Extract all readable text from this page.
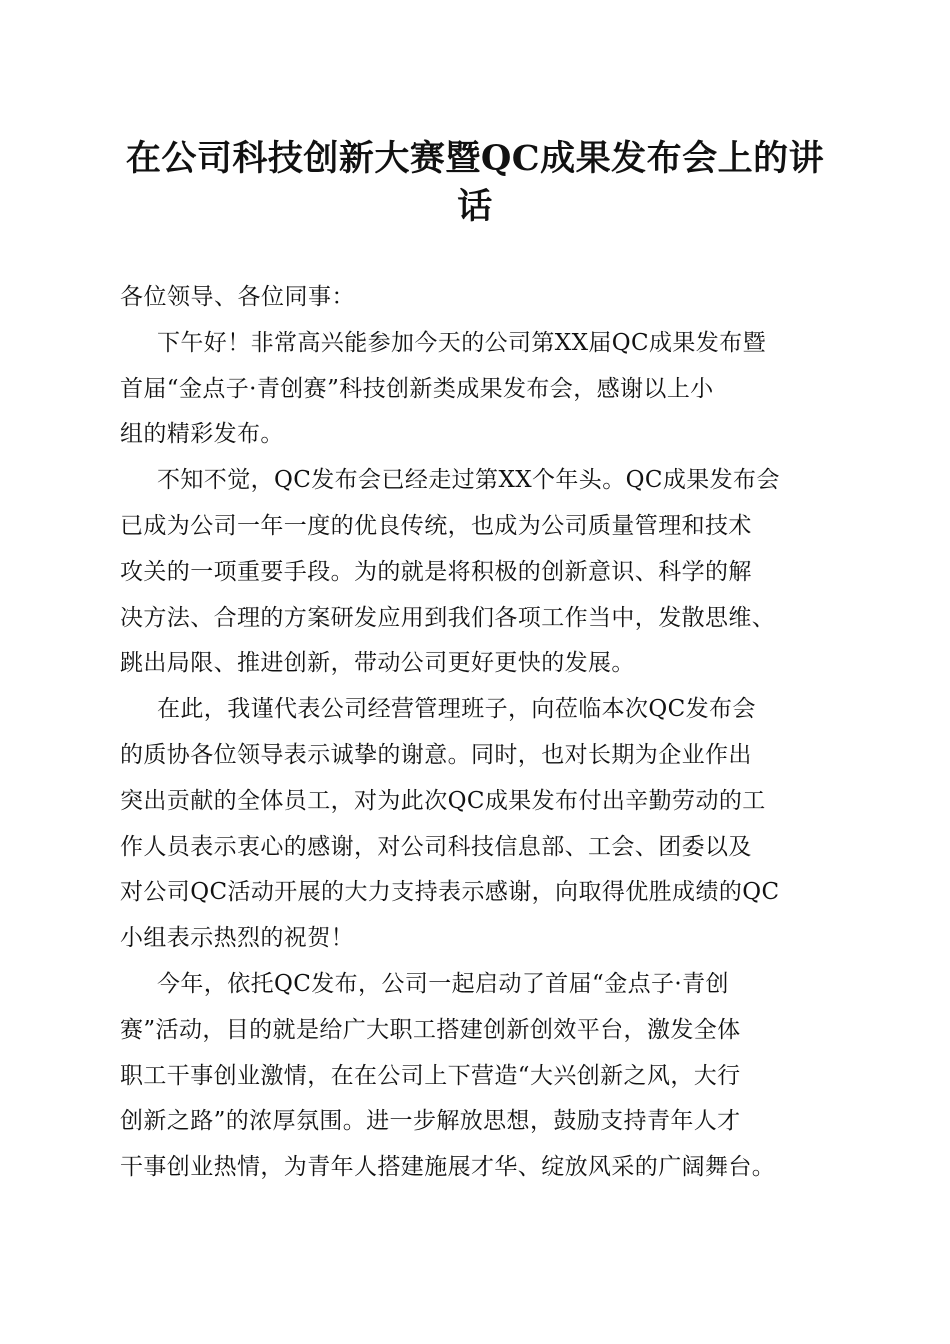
在公司科技创新大赛暨QC成果发布会上的讲
话
各位领导、各位同事：
下午好！非常高兴能参加今天的公司第XX届QC成果发布暨
首届“金点子·青创赛”科技创新类成果发布会，感谢以上小
组的精彩发布。
不知不觉，QC发布会已经走过第XX个年头。QC成果发布会
已成为公司一年一度的优良传统，也成为公司质量管理和技术
攻关的一项重要手段。为的就是将积极的创新意识、科学的解
决方法、合理的方案研发应用到我们各项工作当中，发散思维、
跳出局限、推进创新，带动公司更好更快的发展。
在此，我谨代表公司经营管理班子，向莅临本次QC发布会
的质协各位领导表示诚挚的谢意。同时，也对长期为企业作出
突出贡献的全体员工，对为此次QC成果发布付出辛勤劳动的工
作人员表示衷心的感谢，对公司科技信息部、工会、团委以及
对公司QC活动开展的大力支持表示感谢，向取得优胜成绩的QC
小组表示热烈的祝贺！
今年，依托QC发布，公司一起启动了首届“金点子·青创
赛”活动，目的就是给广大职工搭建创新创效平台，激发全体
职工干事创业激情，在在公司上下营造“大兴创新之风，大行
创新之路”的浓厚氛围。进一步解放思想，鼓励支持青年人才
干事创业热情，为青年人搭建施展才华、绽放风采的广阔舞台。
